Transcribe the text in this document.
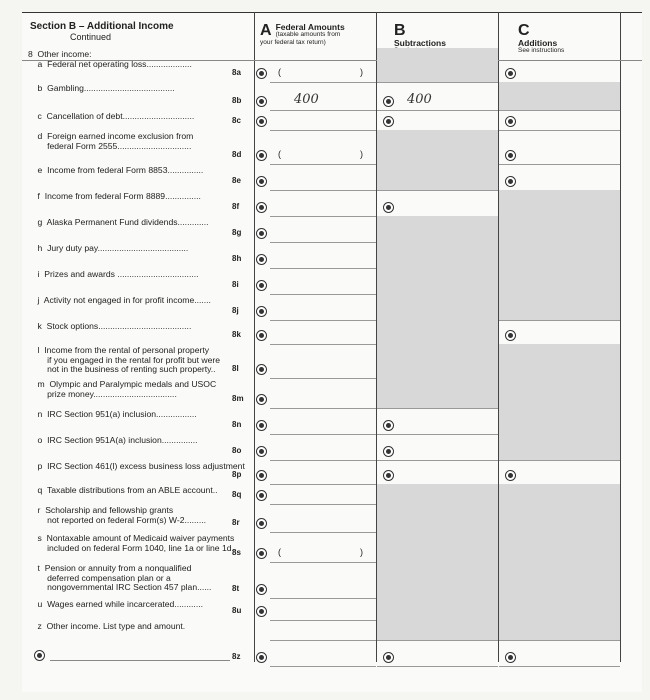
Section B – Additional Income
Continued	A Federal Amounts
(taxable amounts from your federal tax return)
B
Subtractions
C
Additions
See instructions
8  Other income:
a  Federal net operating loss...................
8a	(	)
b  Gambling......................................
8b	400	400
c  Cancellation of debt..............................	8c
d  Foreign earned income exclusion from
federal Form 2555...............................
8d	(	)
e  Income from federal Form 8853...............
8e
f  Income from federal Form 8889...............
8f
g  Alaska Permanent Fund dividends.............
8g
h  Jury duty pay......................................
8h
i  Prizes and awards ..................................
8i
j  Activity not engaged in for profit income.......
8j
k  Stock options.......................................
8k
l  Income from the rental of personal property
if you engaged in the rental for profit but were
not in the business of renting such property..	8l
m  Olympic and Paralympic medals and USOC
prize money...................................	8m
n  IRC Section 951(a) inclusion.................
8n
o  IRC Section 951A(a) inclusion...............
8o
p  IRC Section 461(l) excess business loss adjustment
8p
q  Taxable distributions from an ABLE account.. 8q
r  Scholarship and fellowship grants
not reported on federal Form(s) W-2.........	8r
s  Nontaxable amount of Medicaid waiver payments
included on federal Form 1040, line 1a or line 1d..
8s	(	)
t  Pension or annuity from a nonqualified
deferred compensation plan or a
nongovernmental IRC Section 457 plan......	8t
u  Wages earned while incarcerated............
8u
z  Other income. List type and amount.
8z
